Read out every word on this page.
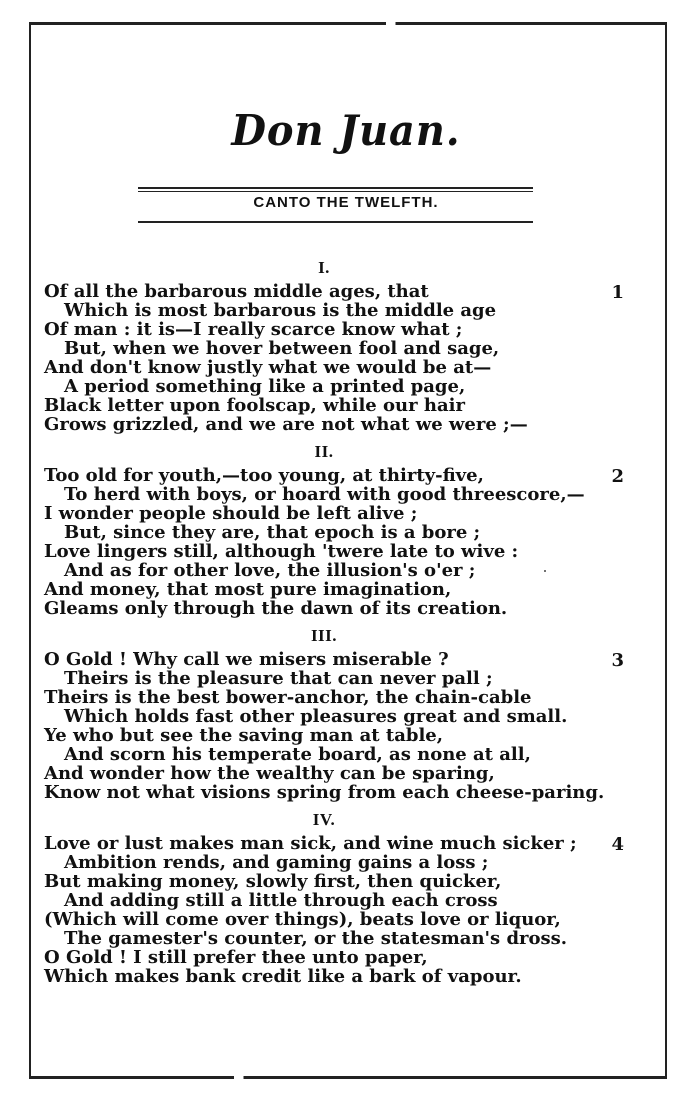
Don Juan.
CANTO THE TWELFTH.
I.
1
Of all the barbarous middle ages, that
Which is most barbarous is the middle age
Of man : it is—I really scarce know what ;
But, when we hover between fool and sage,
And don't know justly what we would be at—
A period something like a printed page,
Black letter upon foolscap, while our hair
Grows grizzled, and we are not what we were ;—
II.
2
Too old for youth,—too young, at thirty-five,
To herd with boys, or hoard with good threescore,—
I wonder people should be left alive ;
But, since they are, that epoch is a bore ;
Love lingers still, although 'twere late to wive :
And as for other love, the illusion's o'er ;
And money, that most pure imagination,
Gleams only through the dawn of its creation.
III.
3
O Gold ! Why call we misers miserable ?
Theirs is the pleasure that can never pall ;
Theirs is the best bower-anchor, the chain-cable
Which holds fast other pleasures great and small.
Ye who but see the saving man at table,
And scorn his temperate board, as none at all,
And wonder how the wealthy can be sparing,
Know not what visions spring from each cheese-paring.
IV.
4
Love or lust makes man sick, and wine much sicker ;
Ambition rends, and gaming gains a loss ;
But making money, slowly first, then quicker,
And adding still a little through each cross
(Which will come over things), beats love or liquor,
The gamester's counter, or the statesman's dross.
O Gold ! I still prefer thee unto paper,
Which makes bank credit like a bark of vapour.
